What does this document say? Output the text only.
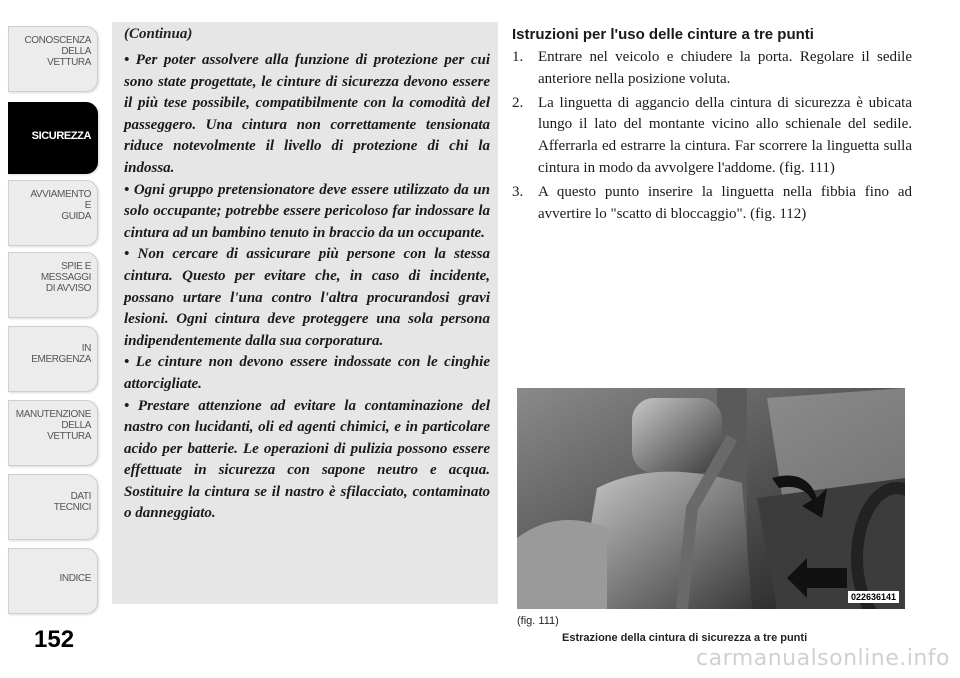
CONOSCENZA
DELLA
VETTURA
SICUREZZA
AVVIAMENTO
E
GUIDA
SPIE E
MESSAGGI
DI AVVISO
IN
EMERGENZA
MANUTENZIONE
DELLA
VETTURA
DATI
TECNICI
INDICE
152

• Per poter assolvere alla funzione di protezione per cui sono state progettate, le cinture di sicurezza devono essere il più tese possibile, compatibilmente con la comodità del passeggero. Una cintura non correttamente tensionata riduce notevolmente il livello di protezione di chi la indossa.

• Ogni gruppo pretensionatore deve essere utilizzato da un solo occupante; potrebbe essere pericoloso far indossare la cintura ad un bambino tenuto in braccio da un occupante.

• Non cercare di assicurare più persone con la stessa cintura. Questo per evitare che, in caso di incidente, possano urtare l'una contro l'altra procurandosi gravi lesioni. Ogni cintura deve proteggere una sola persona indipendentemente dalla sua corporatura.

• Le cinture non devono essere indossate con le cinghie attorcigliate.

• Prestare attenzione ad evitare la contaminazione del nastro con lucidanti, oli ed agenti chimici, e in particolare acido per batterie. Le operazioni di pulizia possono essere effettuate in sicurezza con sapone neutro e acqua. Sostituire la cintura se il nastro è sfilacciato, contaminato o danneggiato.

(Continua)	Istruzioni per l'uso delle cinture a tre punti
1. Entrare nel veicolo e chiudere la porta. Regolare il sedile anteriore nella posizione voluta.
2. La linguetta di aggancio della cintura di sicurezza è ubicata lungo il lato del montante vicino allo schienale del sedile. Afferrarla ed estrarre la cintura. Far scorrere la linguetta sulla cintura in modo da avvolgere l'addome. (fig. 111)
3. A questo punto inserire la linguetta nella fibbia fino ad avvertire lo "scatto di bloccaggio". (fig. 112)
022636141
(fig. 111)
Estrazione della cintura di sicurezza a tre punti
carmanualsonline.info
